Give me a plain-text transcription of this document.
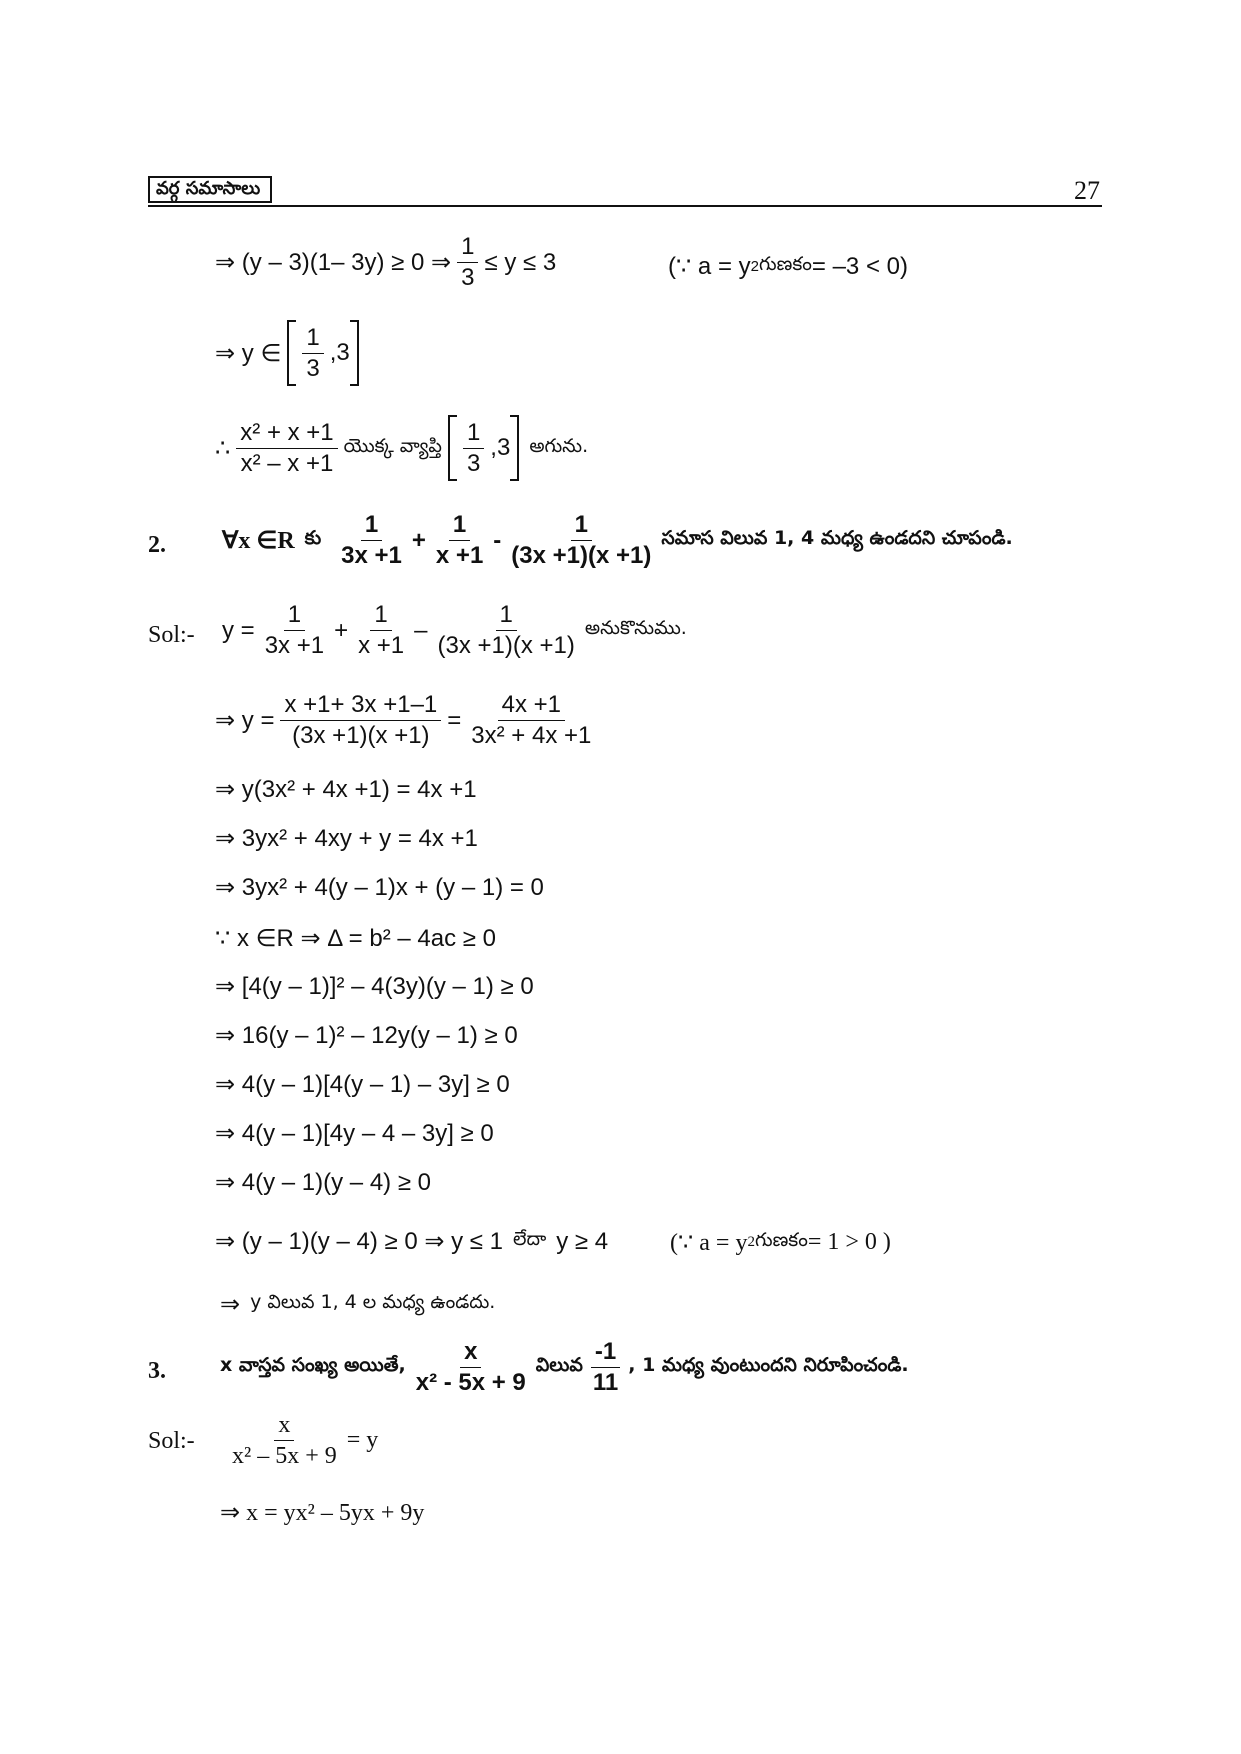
వర్గ సమాసాలు	27
⇒ (y – 3)(1– 3y) ≥ 0 ⇒ $\frac{1}{3} \le y \le 3$	(∵ a = y 2 గుణకం = –3 < 0)
⇒ y ∈ $\frac{1}{3} ,3$
∴ $\frac{\text{x² + x +1}}{\text{x² – x +1}}$ యొక్క వ్యాప్తి $\frac{1}{3} ,3$ అగును.
2. ∀x ∈R కు $\frac{1}{3x +1} + \frac{1}{x +1} - \frac{1}{(3x +1)(x +1)}$ సమాస విలువ 1, 4 మధ్య ఉండదని చూపండి.
Sol:- $y = \frac{1}{3x +1} + \frac{1}{x +1} - \frac{1}{(3x +1)(x +1)}$ అనుకొనుము.
⇒ $y = \frac{x +1+ 3x +1-1}{(3x +1)(x +1)} = \frac{4x +1}{\text{3x² + 4x +1}}$
⇒ y(3x² + 4x +1) = 4x +1
⇒ 3yx² + 4xy + y = 4x +1
⇒ 3yx² + 4(y – 1)x + (y – 1) = 0
∵ x ∈R ⇒ Δ = b² – 4ac ≥ 0
⇒ [4(y – 1)]² – 4(3y)(y – 1) ≥ 0
⇒ 16(y – 1)² – 12y(y – 1) ≥ 0
⇒ 4(y – 1)[4(y – 1) – 3y] ≥ 0
⇒ 4(y – 1)[4y – 4 – 3y] ≥ 0
⇒ 4(y – 1)(y – 4) ≥ 0
⇒ (y – 1)(y – 4) ≥ 0 ⇒ y ≤ 1 లేదా y ≥ 4	(∵ a = y 2 గుణకం = 1 > 0 )
⇒ y విలువ 1, 4 ల మధ్య ఉండదు.
3.	x వాస్తవ సంఖ్య అయితే, $\frac{x}{\text{x² - 5x + 9}}$ విలువ $\frac{-1}{11}$ , 1 మధ్య వుంటుందని నిరూపించండి.
Sol:- $\frac{x}{\text{x² – 5x + 9}} = y$
⇒ x = yx² – 5yx + 9y
